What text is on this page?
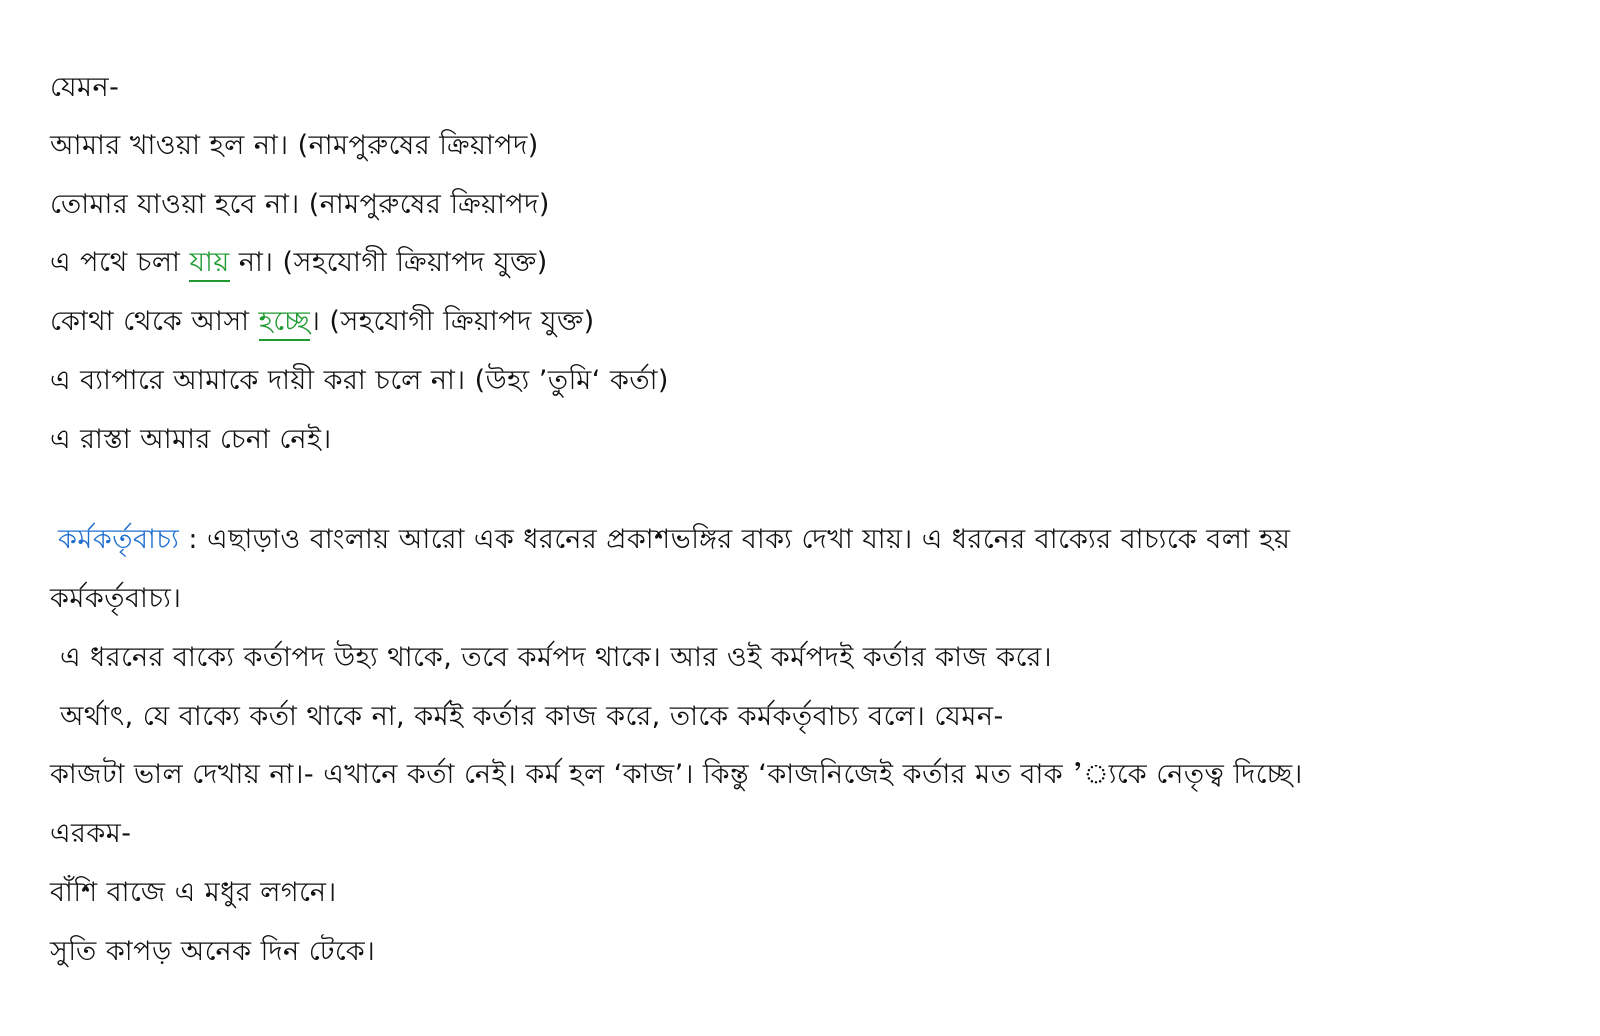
যেমন-

আমার খাওয়া হল না। (নামপুরুষের ক্রিয়াপদ)

তোমার যাওয়া হবে না। (নামপুরুষের ক্রিয়াপদ)

এ পথে চলা যায় না। (সহযোগী ক্রিয়াপদ যুক্ত)

কোথা থেকে আসা হচ্ছে। (সহযোগী ক্রিয়াপদ যুক্ত)

এ ব্যাপারে আমাকে দায়ী করা চলে না। (উহ্য ’তুমি‘ কর্তা)

এ রাস্তা আমার চেনা নেই।

কর্মকর্তৃবাচ্য : এছাড়াও বাংলায় আরো এক ধরনের প্রকাশভঙ্গির বাক্য দেখা যায়। এ ধরনের বাক্যের বাচ্যকে বলা হয়

কর্মকর্তৃবাচ্য।

এ ধরনের বাক্যে কর্তাপদ উহ্য থাকে, তবে কর্মপদ থাকে। আর ওই কর্মপদই কর্তার কাজ করে।

অর্থাৎ, যে বাক্যে কর্তা থাকে না, কর্মই কর্তার কাজ করে, তাকে কর্মকর্তৃবাচ্য বলে। যেমন-

কাজটা ভাল দেখায় না।- এখানে কর্তা নেই। কর্ম হল ‘কাজ’। কিন্তু ‘কাজনিজেই কর্তার মত বাক ’্যকে নেতৃত্ব দিচ্ছে।

এরকম-

বাঁশি বাজে এ মধুর লগনে।

সুতি কাপড় অনেক দিন টেকে।
